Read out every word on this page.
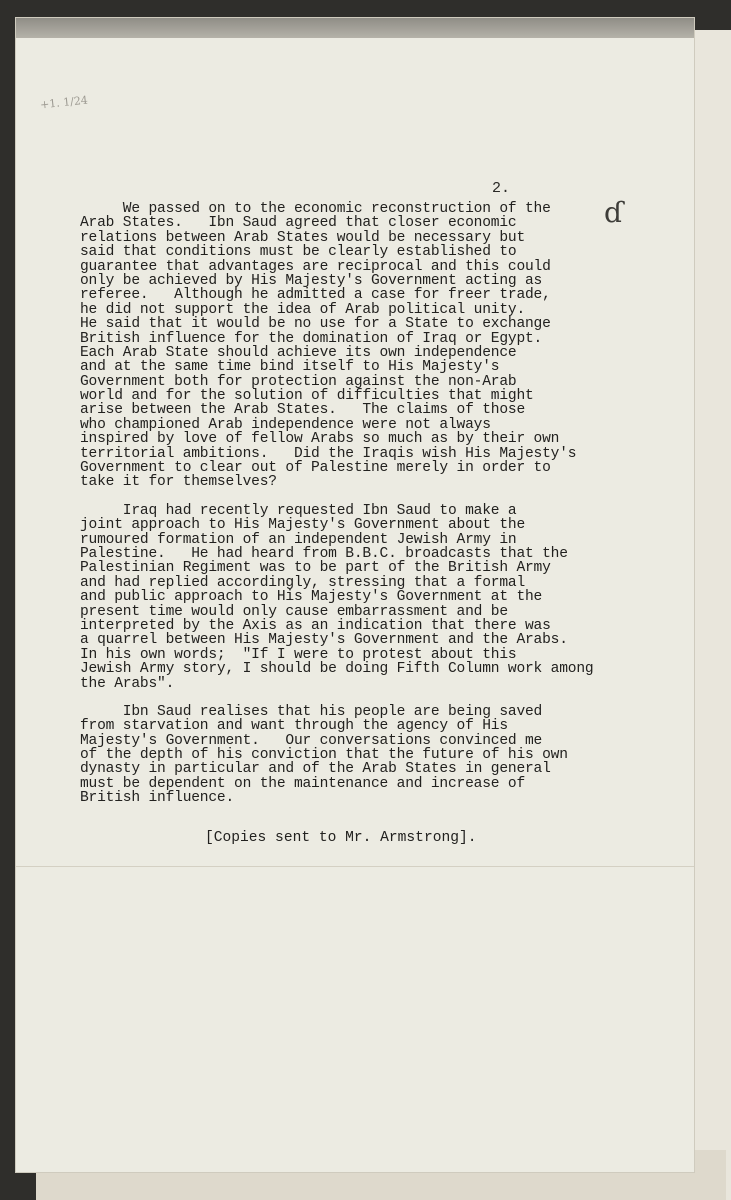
+1. 1/24
2.
ɗ
We passed on to the economic reconstruction of the
Arab States.   Ibn Saud agreed that closer economic
relations between Arab States would be necessary but
said that conditions must be clearly established to
guarantee that advantages are reciprocal and this could
only be achieved by His Majesty's Government acting as
referee.   Although he admitted a case for freer trade,
he did not support the idea of Arab political unity.
He said that it would be no use for a State to exchange
British influence for the domination of Iraq or Egypt.
Each Arab State should achieve its own independence
and at the same time bind itself to His Majesty's
Government both for protection against the non-Arab
world and for the solution of difficulties that might
arise between the Arab States.   The claims of those
who championed Arab independence were not always
inspired by love of fellow Arabs so much as by their own
territorial ambitions.   Did the Iraqis wish His Majesty's
Government to clear out of Palestine merely in order to
take it for themselves?
Iraq had recently requested Ibn Saud to make a
joint approach to His Majesty's Government about the
rumoured formation of an independent Jewish Army in
Palestine.   He had heard from B.B.C. broadcasts that the
Palestinian Regiment was to be part of the British Army
and had replied accordingly, stressing that a formal
and public approach to His Majesty's Government at the
present time would only cause embarrassment and be
interpreted by the Axis as an indication that there was
a quarrel between His Majesty's Government and the Arabs.
In his own words;  "If I were to protest about this
Jewish Army story, I should be doing Fifth Column work among
the Arabs".
Ibn Saud realises that his people are being saved
from starvation and want through the agency of His
Majesty's Government.   Our conversations convinced me
of the depth of his conviction that the future of his own
dynasty in particular and of the Arab States in general
must be dependent on the maintenance and increase of
British influence.
[Copies sent to Mr. Armstrong].
